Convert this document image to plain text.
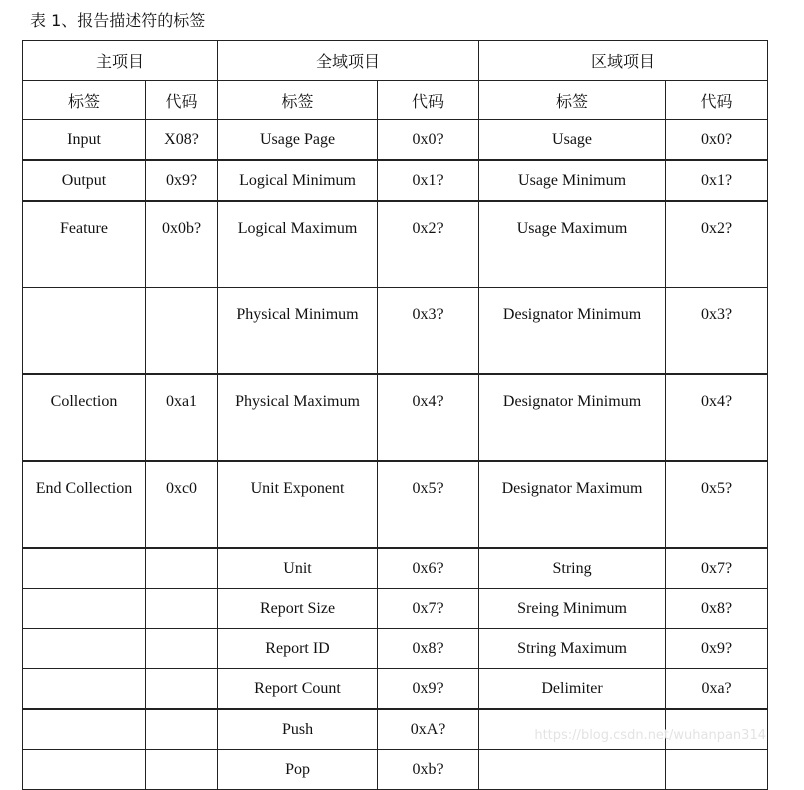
表 1、报告描述符的标签
主项目		全域项目		区域项目	
标签	代码	标签	代码	标签	代码
Input	X08?	Usage Page	0x0?	Usage	0x0?
Output	0x9?	Logical Minimum	0x1?	Usage Minimum	0x1?
Feature	0x0b?	Logical Maximum	0x2?	Usage Maximum	0x2?
		Physical Minimum	0x3?	Designator Minimum	0x3?
Collection	0xa1	Physical Maximum	0x4?	Designator Minimum	0x4?
End Collection	0xc0	Unit Exponent	0x5?	Designator Maximum	0x5?
		Unit	0x6?	String	0x7?
		Report Size	0x7?	Sreing Minimum	0x8?
		Report ID	0x8?	String Maximum	0x9?
		Report Count	0x9?	Delimiter	0xa?
		Push	0xA?		
		Pop	0xb?		
https://blog.csdn.net/wuhanpan314
